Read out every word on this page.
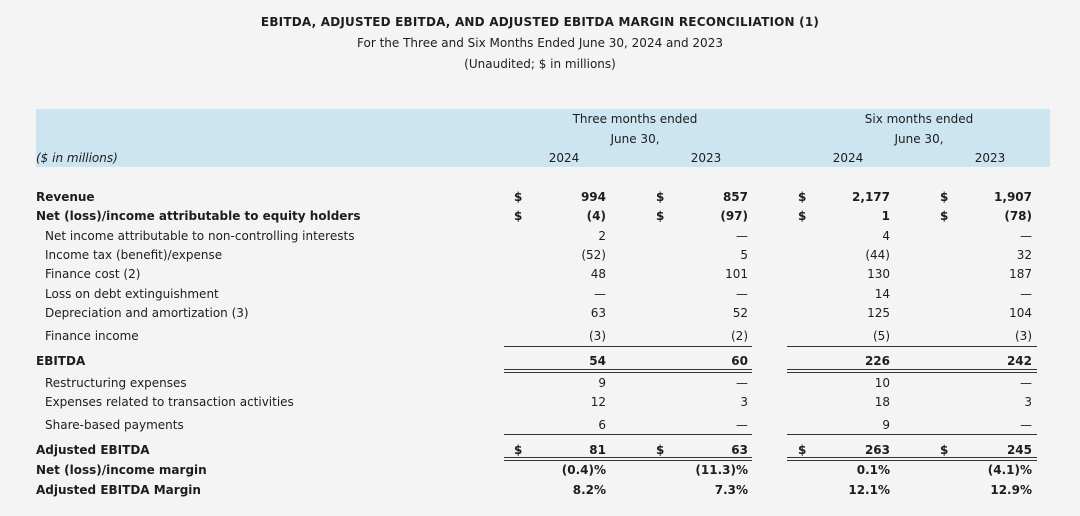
EBITDA, ADJUSTED EBITDA, AND ADJUSTED EBITDA MARGIN RECONCILIATION (1)
For the Three and Six Months Ended June 30, 2024 and 2023
(Unaudited; $ in millions)
Three months ended
June 30,
Six months ended
June 30,
($ in millions)	2024	2023	2024	2023
Revenue	$	994	$	857	$	2,177	$	1,907
Net (loss)/income attributable to equity holders	$	(4)	$	(97)	$	1	$	(78)
Net income attributable to non-controlling interests	2	—	4	—
Income tax (benefit)/expense	(52)	5	(44)	32
Finance cost (2)	48	101	130	187
Loss on debt extinguishment	—	—	14	—
Depreciation and amortization (3)	63	52	125	104
Finance income	(3)	(2)	(5)	(3)
EBITDA	54	60	226	242
Restructuring expenses	9	—	10	—
Expenses related to transaction activities	12	3	18	3
Share-based payments	6	—	9	—
Adjusted EBITDA	$	81	$	63	$	263	$	245
Net (loss)/income margin	(0.4)%	(11.3)%	0.1%	(4.1)%
Adjusted EBITDA Margin	8.2%	7.3%	12.1%	12.9%
